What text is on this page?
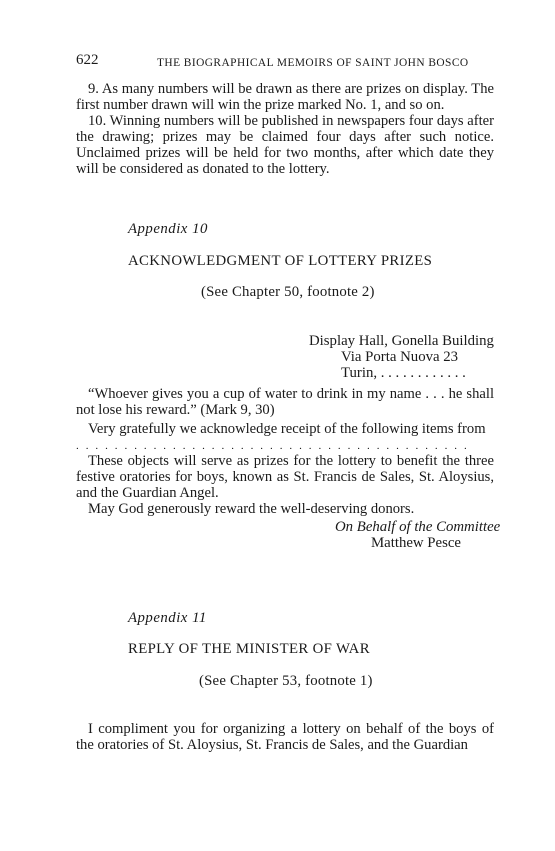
622	THE BIOGRAPHICAL MEMOIRS OF SAINT JOHN BOSCO
9. As many numbers will be drawn as there are prizes on display. The first number drawn will win the prize marked No. 1, and so on.
10. Winning numbers will be published in newspapers four days after the drawing; prizes may be claimed four days after such notice. Unclaimed prizes will be held for two months, after which date they will be considered as donated to the lottery.
Appendix 10
ACKNOWLEDGMENT OF LOTTERY PRIZES
(See Chapter 50, footnote 2)
Display Hall, Gonella Building
Via Porta Nuova 23
Turin, . . . . . . . . . . . .
“Whoever gives you a cup of water to drink in my name . . . he shall not lose his reward.” (Mark 9, 30)
Very gratefully we acknowledge receipt of the following items from
. . . . . . . . . . . . . . . . . . . . . . . . . . . . . . . . . . . . . . . . .
These objects will serve as prizes for the lottery to benefit the three festive oratories for boys, known as St. Francis de Sales, St. Aloysius, and the Guardian Angel.
May God generously reward the well-deserving donors.
On Behalf of the Committee
Matthew Pesce
Appendix 11
REPLY OF THE MINISTER OF WAR
(See Chapter 53, footnote 1)
I compliment you for organizing a lottery on behalf of the boys of the oratories of St. Aloysius, St. Francis de Sales, and the Guardian
